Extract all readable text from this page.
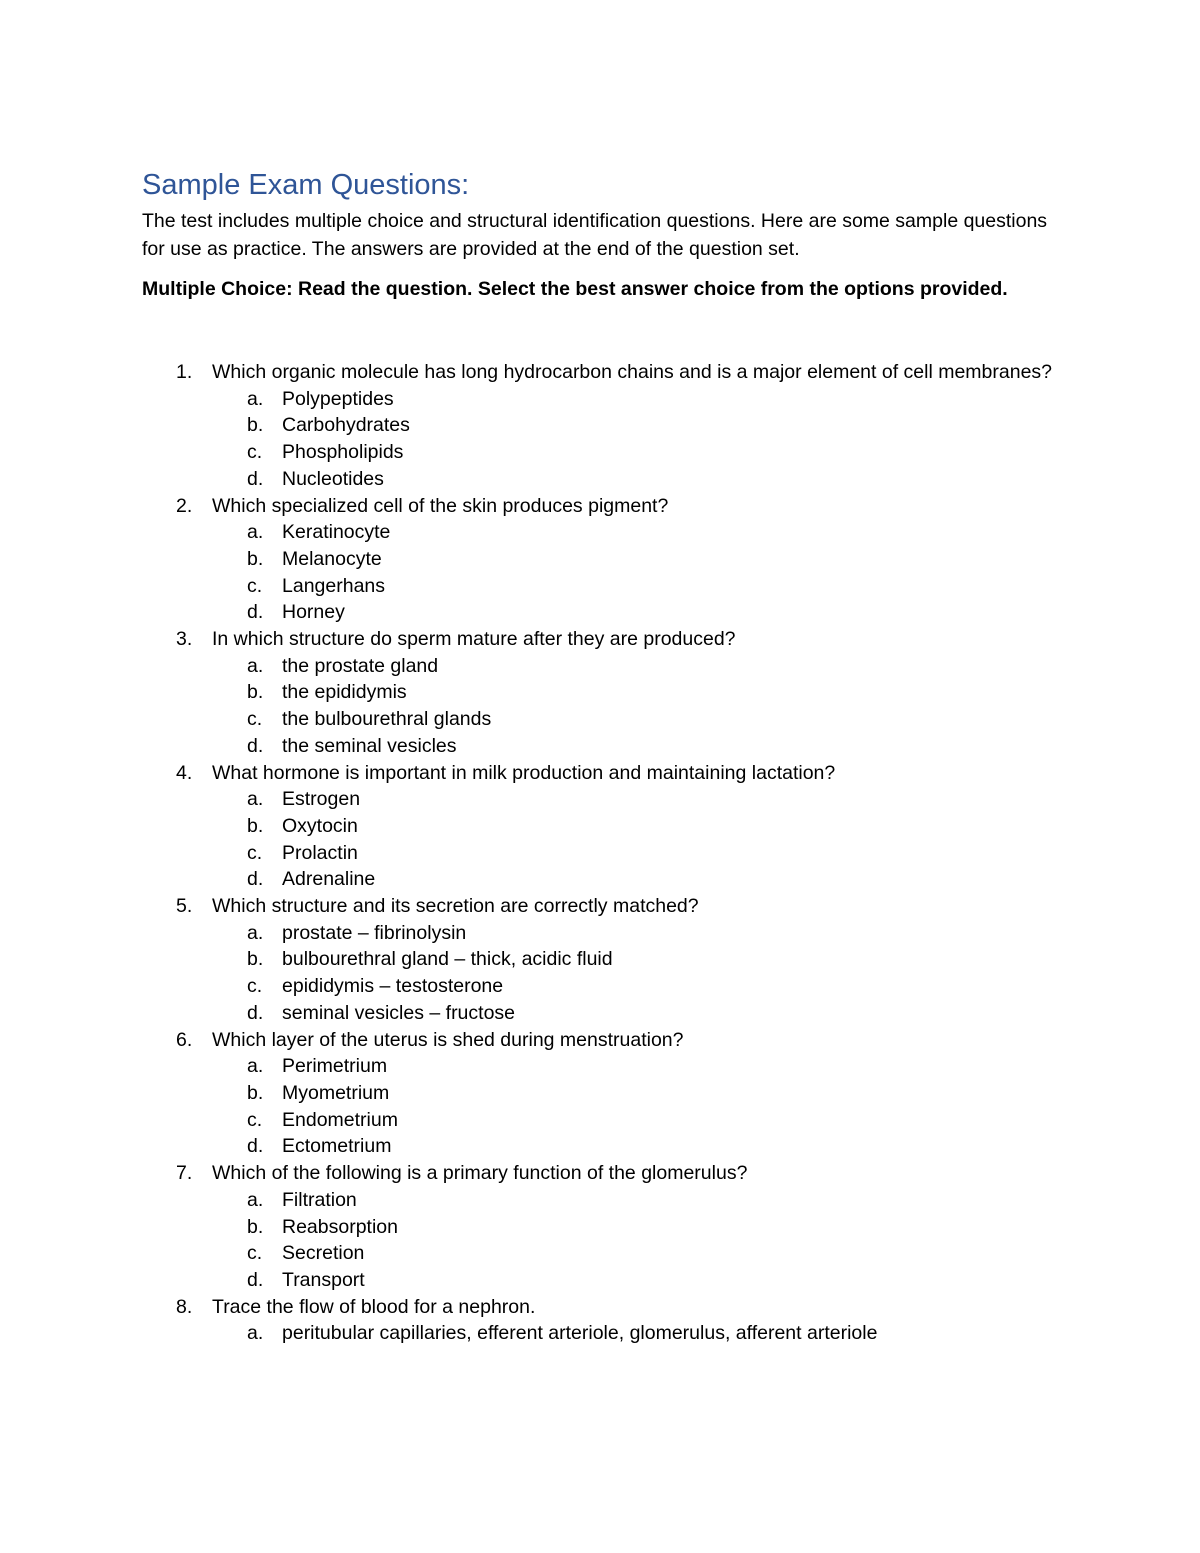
Sample Exam Questions:

The test includes multiple choice and structural identification questions. Here are some sample questions for use as practice. The answers are provided at the end of the question set.

Multiple Choice: Read the question. Select the best answer choice from the options provided.

1. Which organic molecule has long hydrocarbon chains and is a major element of cell membranes?
a. Polypeptides
b. Carbohydrates
c. Phospholipids
d. Nucleotides
2. Which specialized cell of the skin produces pigment?
a. Keratinocyte
b. Melanocyte
c. Langerhans
d. Horney
3. In which structure do sperm mature after they are produced?
a. the prostate gland
b. the epididymis
c. the bulbourethral glands
d. the seminal vesicles
4. What hormone is important in milk production and maintaining lactation?
a. Estrogen
b. Oxytocin
c. Prolactin
d. Adrenaline
5. Which structure and its secretion are correctly matched?
a. prostate – fibrinolysin
b. bulbourethral gland – thick, acidic fluid
c. epididymis – testosterone
d. seminal vesicles – fructose
6. Which layer of the uterus is shed during menstruation?
a. Perimetrium
b. Myometrium
c. Endometrium
d. Ectometrium
7. Which of the following is a primary function of the glomerulus?
a. Filtration
b. Reabsorption
c. Secretion
d. Transport
8. Trace the flow of blood for a nephron.
a. peritubular capillaries, efferent arteriole, glomerulus, afferent arteriole
